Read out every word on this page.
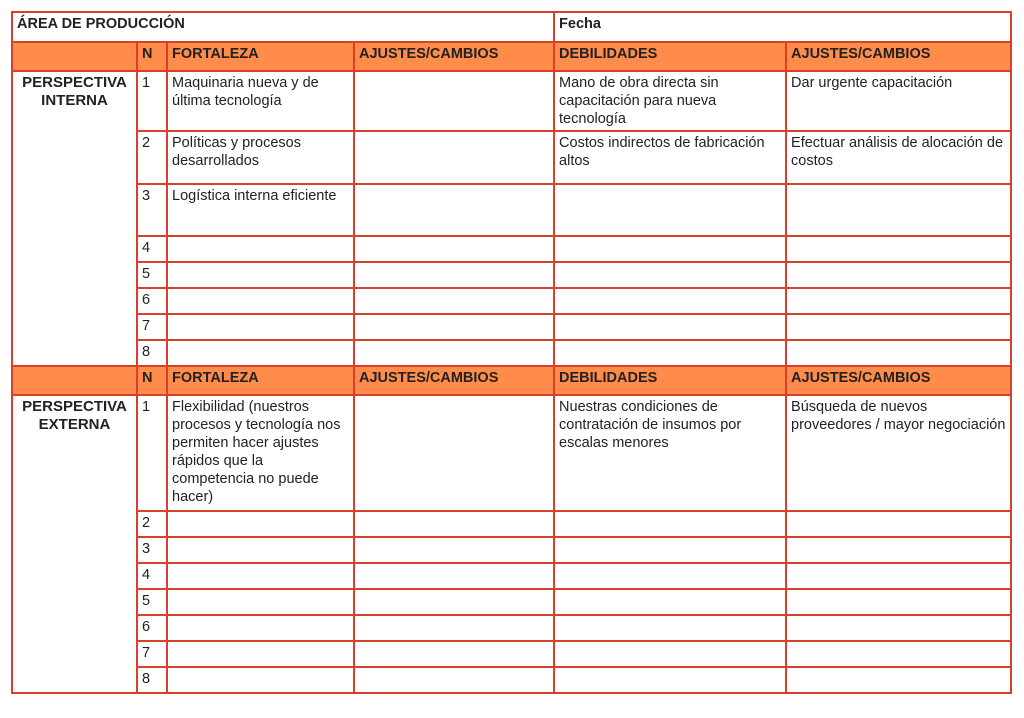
ÁREA DE PRODUCCIÓN				Fecha	
	N	FORTALEZA	AJUSTES/CAMBIOS	DEBILIDADES	AJUSTES/CAMBIOS

PERSPECTIVA
INTERNA	1	Maquinaria nueva y de última tecnología		Mano de obra directa sin capacitación para nueva tecnología	Dar urgente capacitación
	2	Políticas y procesos desarrollados		Costos indirectos de fabricación altos	Efectuar análisis de alocación de costos
	3	Logística interna eficiente			
	4				
	5				
	6				
	7				
	8				
	N	FORTALEZA	AJUSTES/CAMBIOS	DEBILIDADES	AJUSTES/CAMBIOS

PERSPECTIVA
EXTERNA	1	Flexibilidad (nuestros procesos y tecnología nos permiten hacer ajustes rápidos que la competencia no puede hacer)		Nuestras condiciones de contratación de insumos por escalas menores	Búsqueda de nuevos proveedores / mayor negociación
	2				
	3				
	4				
	5				
	6				
	7				
	8				
